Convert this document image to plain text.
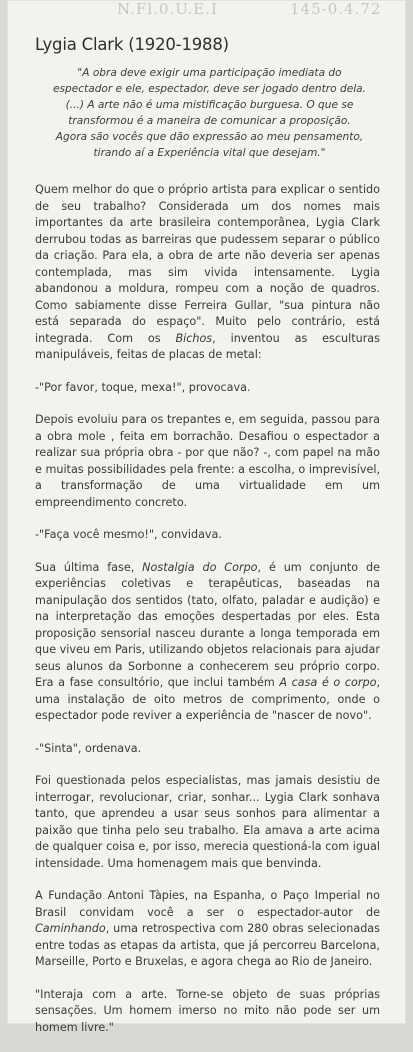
N.Fl.0.U.E.I	145-0.4.72
Lygia Clark (1920-1988)
"A obra deve exigir uma participação imediata do espectador e ele, espectador, deve ser jogado dentro dela. (...) A arte não é uma mistificação burguesa. O que se transformou é a maneira de comunicar a proposição. Agora são vocês que dão expressão ao meu pensamento, tirando aí a Experiência vital que desejam."

Quem melhor do que o próprio artista para explicar o sentido de seu trabalho? Considerada um dos nomes mais importantes da arte brasileira contemporânea, Lygia Clark derrubou todas as barreiras que pudessem separar o público da criação. Para ela, a obra de arte não deveria ser apenas contemplada, mas sim vivida intensamente. Lygia abandonou a moldura, rompeu com a noção de quadros. Como sabiamente disse Ferreira Gullar, "sua pintura não está separada do espaço". Muito pelo contrário, está integrada. Com os Bichos, inventou as esculturas manipuláveis, feitas de placas de metal:

-"Por favor, toque, mexa!", provocava.

Depois evoluiu para os trepantes e, em seguida, passou para a obra mole , feita em borrachão. Desafiou o espectador a realizar sua própria obra - por que não? -, com papel na mão e muitas possibilidades pela frente: a escolha, o imprevisível, a transformação de uma virtualidade em um empreendimento concreto.

-"Faça você mesmo!", convidava.

Sua última fase, Nostalgia do Corpo, é um conjunto de experiências coletivas e terapêuticas, baseadas na manipulação dos sentidos (tato, olfato, paladar e audição) e na interpretação das emoções despertadas por eles. Esta proposição sensorial nasceu durante a longa temporada em que viveu em Paris, utilizando objetos relacionais para ajudar seus alunos da Sorbonne a conhecerem seu próprio corpo. Era a fase consultório, que inclui também A casa é o corpo, uma instalação de oito metros de comprimento, onde o espectador pode reviver a experiência de "nascer de novo".

-"Sinta", ordenava.

Foi questionada pelos especialistas, mas jamais desistiu de interrogar, revolucionar, criar, sonhar... Lygia Clark sonhava tanto, que aprendeu a usar seus sonhos para alimentar a paixão que tinha pelo seu trabalho. Ela amava a arte acima de qualquer coisa e, por isso, merecia questioná-la com igual intensidade. Uma homenagem mais que benvinda.

A Fundação Antoni Tàpies, na Espanha, o Paço Imperial no Brasil convidam você a ser o espectador-autor de Caminhando, uma retrospectiva com 280 obras selecionadas entre todas as etapas da artista, que já percorreu Barcelona, Marseille, Porto e Bruxelas, e agora chega ao Rio de Janeiro.

"Interaja com a arte. Torne-se objeto de suas próprias sensações. Um homem imerso no mito não pode ser um homem livre."
